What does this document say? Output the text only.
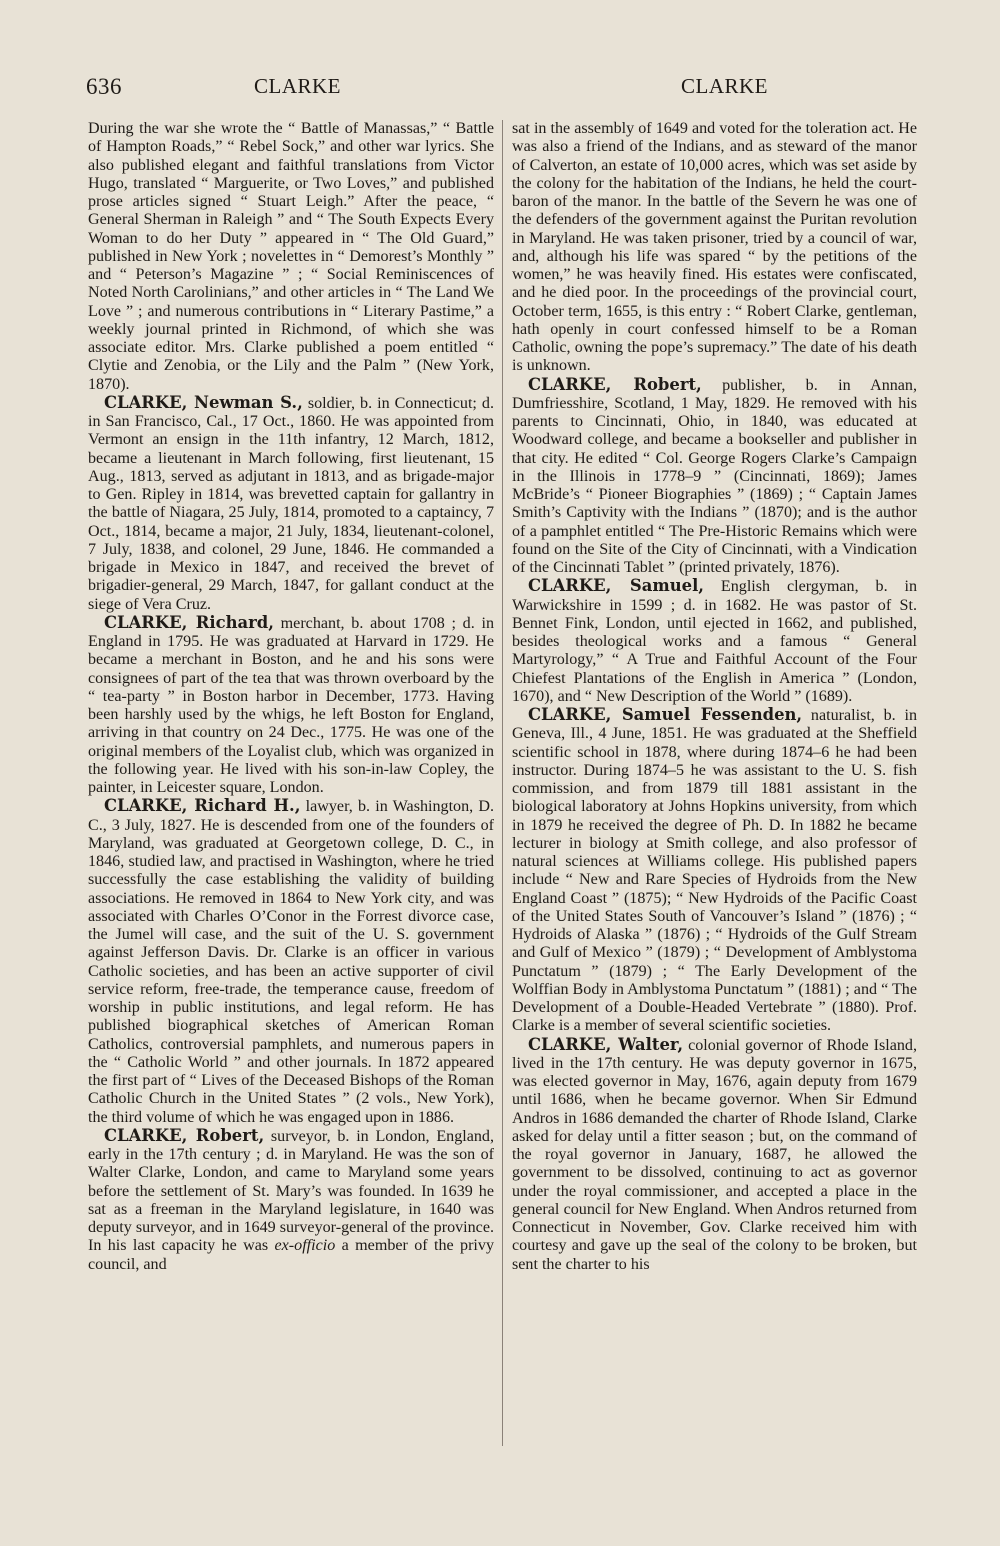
636	CLARKE	CLARKE

During the war she wrote the “ Battle of Manassas,” “ Battle of Hampton Roads,” “ Rebel Sock,” and other war lyrics. She also published elegant and faithful translations from Victor Hugo, translated “ Marguerite, or Two Loves,” and published prose articles signed “ Stuart Leigh.” After the peace, “ General Sherman in Raleigh ” and “ The South Expects Every Woman to do her Duty ” appeared in “ The Old Guard,” published in New York ; novelettes in “ Demorest’s Monthly ” and “ Peterson’s Magazine ” ; “ Social Reminiscences of Noted North Carolinians,” and other articles in “ The Land We Love ” ; and numerous contributions in “ Literary Pastime,” a weekly journal printed in Richmond, of which she was associate editor. Mrs. Clarke published a poem entitled “ Clytie and Zenobia, or the Lily and the Palm ” (New York, 1870).

CLARKE, Newman S., soldier, b. in Connecticut; d. in San Francisco, Cal., 17 Oct., 1860. He was appointed from Vermont an ensign in the 11th infantry, 12 March, 1812, became a lieutenant in March following, first lieutenant, 15 Aug., 1813, served as adjutant in 1813, and as brigade-major to Gen. Ripley in 1814, was brevetted captain for gallantry in the battle of Niagara, 25 July, 1814, promoted to a captaincy, 7 Oct., 1814, became a major, 21 July, 1834, lieutenant-colonel, 7 July, 1838, and colonel, 29 June, 1846. He commanded a brigade in Mexico in 1847, and received the brevet of brigadier-general, 29 March, 1847, for gallant conduct at the siege of Vera Cruz.

CLARKE, Richard, merchant, b. about 1708 ; d. in England in 1795. He was graduated at Harvard in 1729. He became a merchant in Boston, and he and his sons were consignees of part of the tea that was thrown overboard by the “ tea-party ” in Boston harbor in December, 1773. Having been harshly used by the whigs, he left Boston for England, arriving in that country on 24 Dec., 1775. He was one of the original members of the Loyalist club, which was organized in the following year. He lived with his son-in-law Copley, the painter, in Leicester square, London.

CLARKE, Richard H., lawyer, b. in Washington, D. C., 3 July, 1827. He is descended from one of the founders of Maryland, was graduated at Georgetown college, D. C., in 1846, studied law, and practised in Washington, where he tried successfully the case establishing the validity of building associations. He removed in 1864 to New York city, and was associated with Charles O’Conor in the Forrest divorce case, the Jumel will case, and the suit of the U. S. government against Jefferson Davis. Dr. Clarke is an officer in various Catholic societies, and has been an active supporter of civil service reform, free-trade, the temperance cause, freedom of worship in public institutions, and legal reform. He has published biographical sketches of American Roman Catholics, controversial pamphlets, and numerous papers in the “ Catholic World ” and other journals. In 1872 appeared the first part of “ Lives of the Deceased Bishops of the Roman Catholic Church in the United States ” (2 vols., New York), the third volume of which he was engaged upon in 1886.

CLARKE, Robert, surveyor, b. in London, England, early in the 17th century ; d. in Maryland. He was the son of Walter Clarke, London, and came to Maryland some years before the settlement of St. Mary’s was founded. In 1639 he sat as a freeman in the Maryland legislature, in 1640 was deputy surveyor, and in 1649 surveyor-general of the province. In his last capacity he was ex-officio a member of the privy council, and

sat in the assembly of 1649 and voted for the toleration act. He was also a friend of the Indians, and as steward of the manor of Calverton, an estate of 10,000 acres, which was set aside by the colony for the habitation of the Indians, he held the court-baron of the manor. In the battle of the Severn he was one of the defenders of the government against the Puritan revolution in Maryland. He was taken prisoner, tried by a council of war, and, although his life was spared “ by the petitions of the women,” he was heavily fined. His estates were confiscated, and he died poor. In the proceedings of the provincial court, October term, 1655, is this entry : “ Robert Clarke, gentleman, hath openly in court confessed himself to be a Roman Catholic, owning the pope’s supremacy.” The date of his death is unknown.

CLARKE, Robert, publisher, b. in Annan, Dumfriesshire, Scotland, 1 May, 1829. He removed with his parents to Cincinnati, Ohio, in 1840, was educated at Woodward college, and became a bookseller and publisher in that city. He edited “ Col. George Rogers Clarke’s Campaign in the Illinois in 1778–9 ” (Cincinnati, 1869); James McBride’s “ Pioneer Biographies ” (1869) ; “ Captain James Smith’s Captivity with the Indians ” (1870); and is the author of a pamphlet entitled “ The Pre-Historic Remains which were found on the Site of the City of Cincinnati, with a Vindication of the Cincinnati Tablet ” (printed privately, 1876).

CLARKE, Samuel, English clergyman, b. in Warwickshire in 1599 ; d. in 1682. He was pastor of St. Bennet Fink, London, until ejected in 1662, and published, besides theological works and a famous “ General Martyrology,” “ A True and Faithful Account of the Four Chiefest Plantations of the English in America ” (London, 1670), and “ New Description of the World ” (1689).

CLARKE, Samuel Fessenden, naturalist, b. in Geneva, Ill., 4 June, 1851. He was graduated at the Sheffield scientific school in 1878, where during 1874–6 he had been instructor. During 1874–5 he was assistant to the U. S. fish commission, and from 1879 till 1881 assistant in the biological laboratory at Johns Hopkins university, from which in 1879 he received the degree of Ph. D. In 1882 he became lecturer in biology at Smith college, and also professor of natural sciences at Williams college. His published papers include “ New and Rare Species of Hydroids from the New England Coast ” (1875); “ New Hydroids of the Pacific Coast of the United States South of Vancouver’s Island ” (1876) ; “ Hydroids of Alaska ” (1876) ; “ Hydroids of the Gulf Stream and Gulf of Mexico ” (1879) ; “ Development of Amblystoma Punctatum ” (1879) ; “ The Early Development of the Wolffian Body in Amblystoma Punctatum ” (1881) ; and “ The Development of a Double-Headed Vertebrate ” (1880). Prof. Clarke is a member of several scientific societies.

CLARKE, Walter, colonial governor of Rhode Island, lived in the 17th century. He was deputy governor in 1675, was elected governor in May, 1676, again deputy from 1679 until 1686, when he became governor. When Sir Edmund Andros in 1686 demanded the charter of Rhode Island, Clarke asked for delay until a fitter season ; but, on the command of the royal governor in January, 1687, he allowed the government to be dissolved, continuing to act as governor under the royal commissioner, and accepted a place in the general council for New England. When Andros returned from Connecticut in November, Gov. Clarke received him with courtesy and gave up the seal of the colony to be broken, but sent the charter to his
